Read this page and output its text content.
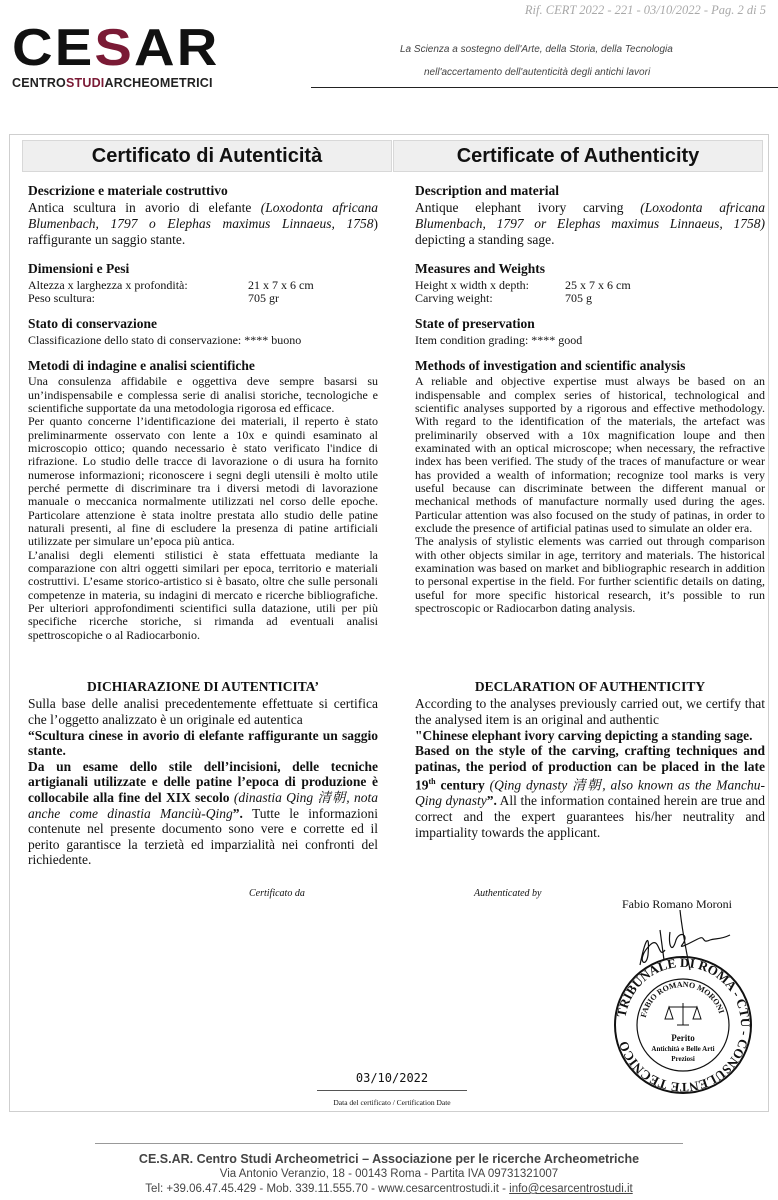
CESAR
CENTROSTUDIARCHEOMETRICI
Rif. CERT 2022 - 221 - 03/10/2022 - Pag. 2 di 5
La Scienza a sostegno dell'Arte, della Storia, della Tecnologia
nell'accertamento dell'autenticità degli antichi lavori
Certificato di Autenticità	Certificate of Authenticity
Descrizione e materiale costruttivo
Antica scultura in avorio di elefante (Loxodonta africana Blumenbach, 1797 o Elephas maximus Linnaeus, 1758) raffigurante un saggio stante.
Dimensioni e Pesi
Altezza x larghezza x profondità:	21 x 7 x 6 cm
Peso scultura:	705 gr
Stato di conservazione
Classificazione dello stato di conservazione: **** buono
Metodi di indagine e analisi scientifiche
Una consulenza affidabile e oggettiva deve sempre basarsi su un’indispensabile e complessa serie di analisi storiche, tecnologiche e scientifiche supportate da una metodologia rigorosa ed efficace.
Per quanto concerne l’identificazione dei materiali, il reperto è stato preliminarmente osservato con lente a 10x e quindi esaminato al microscopio ottico; quando necessario è stato verificato l'indice di rifrazione. Lo studio delle tracce di lavorazione o di usura ha fornito numerose informazioni; riconoscere i segni degli utensili è molto utile perché permette di discriminare tra i diversi metodi di lavorazione manuale o meccanica normalmente utilizzati nel corso delle epoche. Particolare attenzione è stata inoltre prestata allo studio delle patine naturali presenti, al fine di escludere la presenza di patine artificiali utilizzate per simulare un’epoca più antica.
L’analisi degli elementi stilistici è stata effettuata mediante la comparazione con altri oggetti similari per epoca, territorio e materiali costruttivi. L’esame storico-artistico si è basato, oltre che sulle personali competenze in materia, su indagini di mercato e ricerche bibliografiche. Per ulteriori approfondimenti scientifici sulla datazione, utili per più specifiche ricerche storiche, si rimanda ad eventuali analisi spettroscopiche o al Radiocarbonio.
DICHIARAZIONE DI AUTENTICITA’
Sulla base delle analisi precedentemente effettuate si certifica che l’oggetto analizzato è un originale ed autentica
“Scultura cinese in avorio di elefante raffigurante un saggio stante.
Da un esame dello stile dell’incisioni, delle tecniche artigianali utilizzate e delle patine l’epoca di produzione è collocabile alla fine del XIX secolo (dinastia Qing 清朝, nota anche come dinastia Manciù-Qing”. Tutte le informazioni contenute nel presente documento sono vere e corrette ed il perito garantisce la terzietà ed imparzialità nei confronti del richiedente.
Description and material
Antique elephant ivory carving (Loxodonta africana Blumenbach, 1797 or Elephas maximus Linnaeus, 1758) depicting a standing sage.
Measures and Weights
Height x width x depth:	25 x 7 x 6 cm
Carving weight:	705 g
State of preservation
Item condition grading: **** good
Methods of investigation and scientific analysis
A reliable and objective expertise must always be based on an indispensable and complex series of historical, technological and scientific analyses supported by a rigorous and effective methodology. With regard to the identification of the materials, the artefact was preliminarily observed with a 10x magnification loupe and then examinated with an optical microscope; when necessary, the refractive index has been verified. The study of the traces of manufacture or wear has provided a wealth of information; recognize tool marks is very useful because can discriminate between the different manual or mechanical methods of manufacture normally used during the ages. Particular attention was also focused on the study of patinas, in order to exclude the presence of artificial patinas used to simulate an older era.
The analysis of stylistic elements was carried out through comparison with other objects similar in age, territory and materials. The historical examination was based on market and bibliographic research in addition to personal expertise in the field. For further scientific details on dating, useful for more specific historical research, it’s possible to run spectroscopic or Radiocarbon dating analysis.
DECLARATION OF AUTHENTICITY
According to the analyses previously carried out, we certify that the analysed item is an original and authentic
"Chinese elephant ivory carving depicting a standing sage.
Based on the style of the carving, crafting techniques and patinas, the period of production can be placed in the late 19th century (Qing dynasty 清朝, also known as the Manchu-Qing dynasty”. All the information contained herein are true and correct and the expert guarantees his/her neutrality and impartiality towards the applicant.
Certificato da	Authenticated by
Fabio Romano Moroni
TRIBUNALE DI ROMA - CTU - CONSULENTE TECNICO
FABIO ROMANO MORONI
Perito
Antichità e Belle Arti
Preziosi
03/10/2022
Data del certificato / Certification Date
CE.S.AR. Centro Studi Archeometrici – Associazione per le ricerche Archeometriche
Via Antonio Veranzio, 18 - 00143 Roma - Partita IVA 09731321007
Tel: +39.06.47.45.429 - Mob. 339.11.555.70 - www.cesarcentrostudi.it - info@cesarcentrostudi.it
